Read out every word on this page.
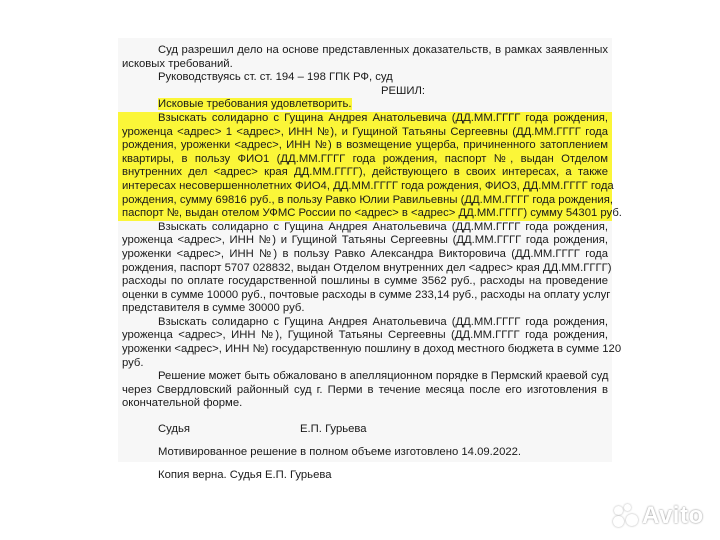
Суд разрешил дело на основе представленных доказательств, в рамках заявленных
исковых требований.
Руководствуясь ст. ст. 194 – 198 ГПК РФ, суд
РЕШИЛ:
Исковые требования удовлетворить.
Взыскать солидарно с Гущина Андрея Анатольевича (ДД.ММ.ГГГГ года рождения,
уроженца <адрес> 1 <адрес>, ИНН №), и Гущиной Татьяны Сергеевны (ДД.ММ.ГГГГ года
рождения, уроженки <адрес>, ИНН №) в возмещение ущерба, причиненного затоплением
квартиры, в пользу ФИО1 (ДД.ММ.ГГГГ года рождения, паспорт №, выдан Отделом
внутренних дел <адрес> края ДД.ММ.ГГГГ), действующего в своих интересах, а также
интересах несовершеннолетних ФИО4, ДД.ММ.ГГГГ года рождения, ФИО3, ДД.ММ.ГГГГ года
рождения, сумму 69816 руб., в пользу Равко Юлии Равильевны (ДД.ММ.ГГГГ года рождения,
паспорт №, выдан отелом УФМС России по <адрес> в <адрес> ДД.ММ.ГГГГ) сумму 54301 руб.
Взыскать солидарно с Гущина Андрея Анатольевича (ДД.ММ.ГГГГ года рождения,
уроженца <адрес>, ИНН №) и Гущиной Татьяны Сергеевны (ДД.ММ.ГГГГ года рождения,
уроженки <адрес>, ИНН №) в пользу Равко Александра Викторовича (ДД.ММ.ГГГГ года
рождения, паспорт 5707 028832, выдан Отделом внутренних дел <адрес> края ДД.ММ.ГГГГ)
расходы по оплате государственной пошлины в сумме 3562 руб., расходы на проведение
оценки в сумме 10000 руб., почтовые расходы в сумме 233,14 руб., расходы на оплату услуг
представителя в сумме 30000 руб.
Взыскать солидарно с Гущина Андрея Анатольевича (ДД.ММ.ГГГГ года рождения,
уроженца <адрес>, ИНН №), Гущиной Татьяны Сергеевны (ДД.ММ.ГГГГ года рождения,
уроженки <адрес>, ИНН №) государственную пошлину в доход местного бюджета в сумме 120
руб.
Решение может быть обжаловано в апелляционном порядке в Пермский краевой суд
через Свердловский районный суд г. Перми в течение месяца после его изготовления в
окончательной форме.
Судья	Е.П. Гурьева
Мотивированное решение в полном объеме изготовлено 14.09.2022.
Копия верна. Судья Е.П. Гурьева
Avito
